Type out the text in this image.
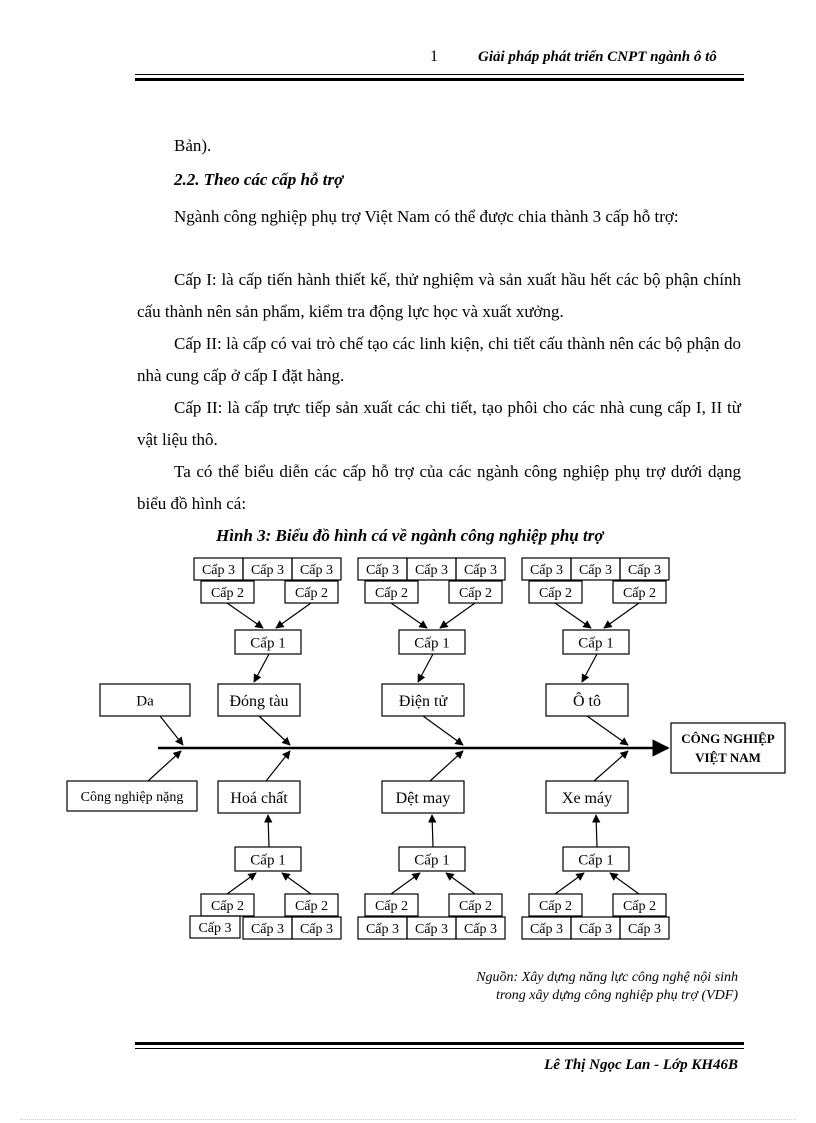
1	Giải pháp phát triển CNPT ngành ô tô
Bản).
2.2. Theo các cấp hỗ trợ
Ngành công nghiệp phụ trợ Việt Nam có thể được chia thành 3 cấp hỗ trợ:
Cấp I: là cấp tiến hành thiết kế, thử nghiệm và sản xuất hầu hết các bộ phận chính cấu thành nên sản phẩm, kiểm tra động lực học và xuất xưởng.
Cấp II: là cấp có vai trò chế tạo các linh kiện, chi tiết cấu thành nên các bộ phận do nhà cung cấp ở cấp I đặt hàng.
Cấp II: là cấp trực tiếp sản xuất các chi tiết, tạo phôi cho các nhà cung cấp I, II từ vật liệu thô.
Ta có thể biểu diễn các cấp hỗ trợ của các ngành công nghiệp phụ trợ dưới dạng biểu đồ hình cá:
Hình 3: Biểu đồ hình cá về ngành công nghiệp phụ trợ
CÔNG NGHIỆP
VIỆT NAM
Da
Công nghiệp nặng
Cấp 3 Cấp 3 Cấp 3
Cấp 2	Cấp 2
Cấp 1
Đóng tàu
Hoá chất
Cấp 1
Cấp 2	Cấp 2
Cấp 3 Cấp 3 Cấp 3
Cấp 3 Cấp 3 Cấp 3
Cấp 2	Cấp 2
Cấp 1
Điện tử
Dệt may
Cấp 1
Cấp 2	Cấp 2
Cấp 3 Cấp 3 Cấp 3
Cấp 3 Cấp 3 Cấp 3
Cấp 2	Cấp 2
Cấp 1
Ô tô
Xe máy
Cấp 1
Cấp 2	Cấp 2
Cấp 3 Cấp 3 Cấp 3
Nguồn: Xây dựng năng lực công nghệ nội sinh
trong xây dựng công nghiệp phụ trợ (VDF)
Lê Thị Ngọc Lan - Lớp KH46B
